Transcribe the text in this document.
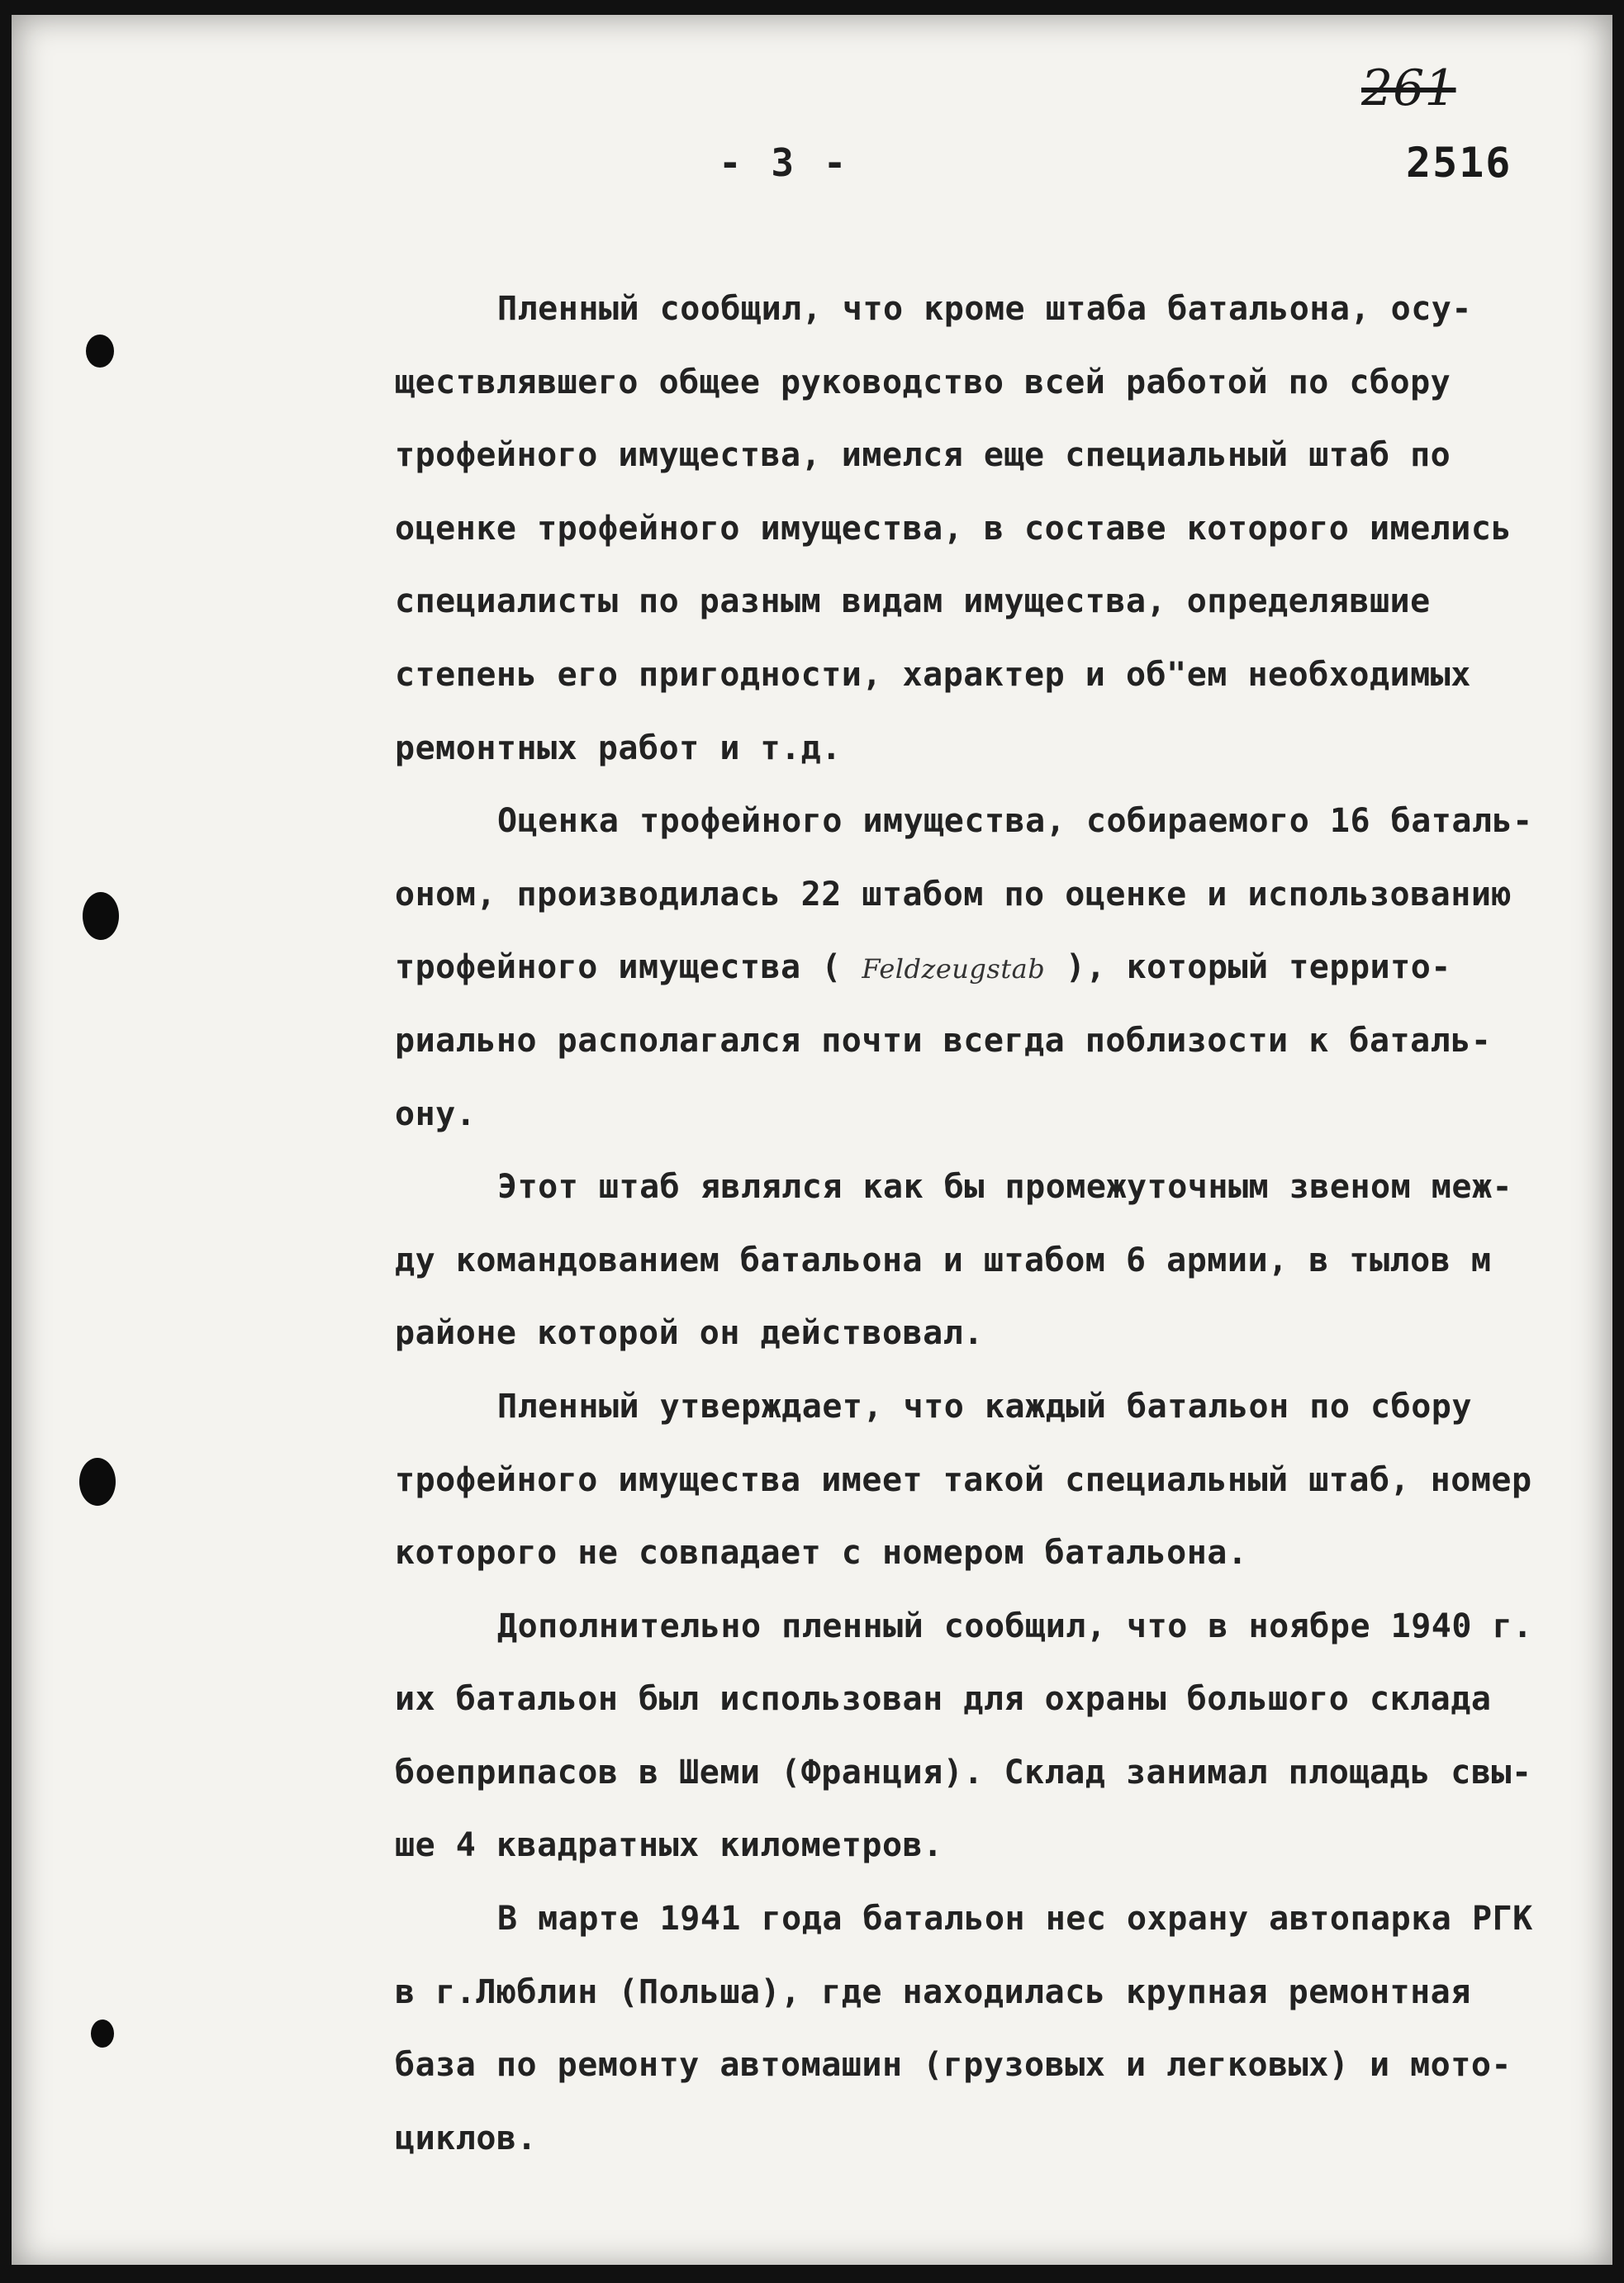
261
2516
- 3 -
Пленный сообщил, что кроме штаба батальона, осу-
ществлявшего общее руководство всей работой по сбору
трофейного имущества, имелся еще специальный штаб по
оценке трофейного имущества, в составе которого имелись
специалисты по разным видам имущества, определявшие
степень его пригодности, характер и об"ем необходимых
ремонтных работ и т.д.
Оценка трофейного имущества, собираемого 16 баталь-
оном, производилась 22 штабом по оценке и использованию
трофейного имущества ( Feldzeugstab ), который террито-
риально располагался почти всегда поблизости к баталь-
ону.
Этот штаб являлся как бы промежуточным звеном меж-
ду командованием батальона и штабом 6 армии, в тылов м
районе которой он действовал.
Пленный утверждает, что каждый батальон по сбору
трофейного имущества имеет такой специальный штаб, номер
которого не совпадает с номером батальона.
Дополнительно пленный сообщил, что в ноябре 1940 г.
их батальон был использован для охраны большого склада
боеприпасов в Шеми (Франция). Склад занимал площадь свы-
ше 4 квадратных километров.
В марте 1941 года батальон нес охрану автопарка РГК
в г.Люблин (Польша), где находилась крупная ремонтная
база по ремонту автомашин (грузовых и легковых) и мото-
циклов.
